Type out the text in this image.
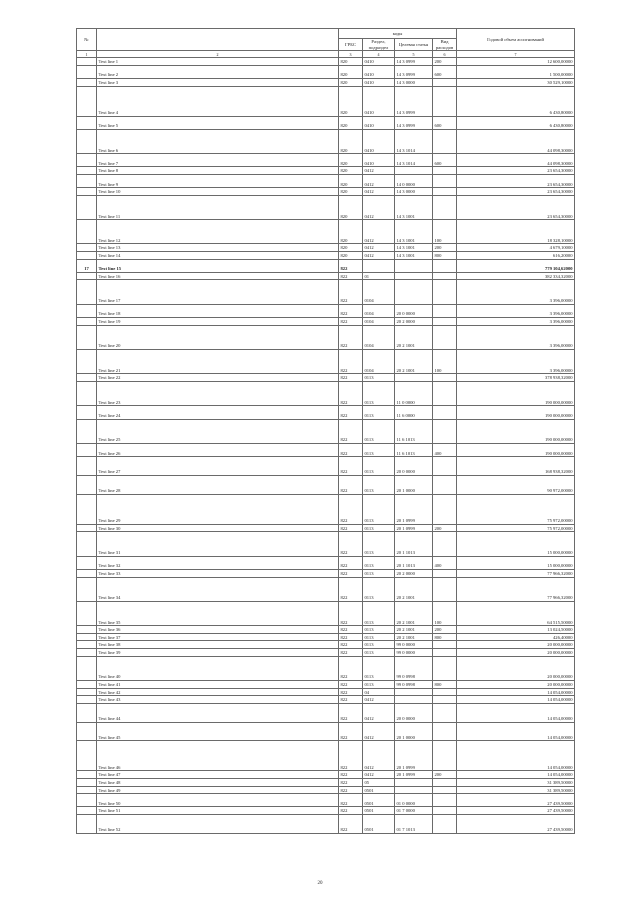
№		коды				Годовой объем ассигнований
		ГРБС	Раздел, подраздел	Целевая статья	Вид расходов	
1	2	3	4	5	6	7
	Text line 1	820	0410	14 3 0999	200	12 600,00000
	Text line 2	820	0410	14 3 0999	600	1 500,00000
	Text line 3	820	0410	14 3 0000		30 529,10000
	Text line 4	820	0410	14 3 0999		6 430,80000
	Text line 5	820	0410	14 3 0999	600	6 430,80000
	Text line 6	820	0410	14 3 1014		44 098,30000
	Text line 7	820	0410	14 3 1014	600	44 098,30000
	Text line 8	820	0412			23 654,30000
	Text line 9	820	0412	14 0 0000		23 654,30000
	Text line 10	820	0412	14 3 0000		23 654,30000
	Text line 11	820	0412	14 3 1001		23 654,30000
	Text line 12	820	0412	14 3 1001	100	18 328,10000
	Text line 13	820	0412	14 3 1001	200	4 679,10000
	Text line 14	820	0412	14 3 1001	800	616,20000
17	Text line 15	822				779 104,62000
	Text line 16	822	01			382 334,32000
	Text line 17	822	0104			3 396,00000
	Text line 18	822	0104	20 0 0000		3 396,00000
	Text line 19	822	0104	20 2 0000		3 396,00000
	Text line 20	822	0104	20 2 1001		3 396,00000
	Text line 21	822	0104	20 2 1001	100	3 396,00000
	Text line 22	822	0113			378 938,32000
	Text line 23	822	0113	11 0 0000		190 000,00000
	Text line 24	822	0113	11 6 0000		190 000,00000
	Text line 25	822	0113	11 6 1013		190 000,00000
	Text line 26	822	0113	11 6 1013	400	190 000,00000
	Text line 27	822	0113	20 0 0000		168 938,32000
	Text line 28	822	0113	20 1 0000		90 972,00000
	Text line 29	822	0113	20 1 0999		75 972,00000
	Text line 30	822	0113	20 1 0999	200	75 972,00000
	Text line 31	822	0113	20 1 1013		15 000,00000
	Text line 32	822	0113	20 1 1013	400	15 000,00000
	Text line 33	822	0113	20 2 0000		77 966,32000
	Text line 34	822	0113	20 2 1001		77 966,32000
	Text line 35	822	0113	20 2 1001	100	64 515,50000
	Text line 36	822	0113	20 2 1001	200	13 024,50000
	Text line 37	822	0113	20 2 1001	800	426,40000
	Text line 38	822	0113	99 0 0000		20 000,00000
	Text line 39	822	0113	99 0 0000		20 000,00000
	Text line 40	822	0113	99 0 0998		20 000,00000
	Text line 41	822	0113	99 0 0998	800	20 000,00000
	Text line 42	822	04			14 054,00000
	Text line 43	822	0412			14 054,00000
	Text line 44	822	0412	20 0 0000		14 054,00000
	Text line 45	822	0412	20 1 0000		14 054,00000
	Text line 46	822	0412	20 1 0999		14 054,00000
	Text line 47	822	0412	20 1 0999	200	14 054,00000
	Text line 48	822	05			31 389,50000
	Text line 49	822	0501			31 389,50000
	Text line 50	822	0501	01 0 0000		27 439,50000
	Text line 51	822	0501	01 7 0000		27 439,50000
	Text line 52	822	0501	01 7 1013		27 439,50000
20
